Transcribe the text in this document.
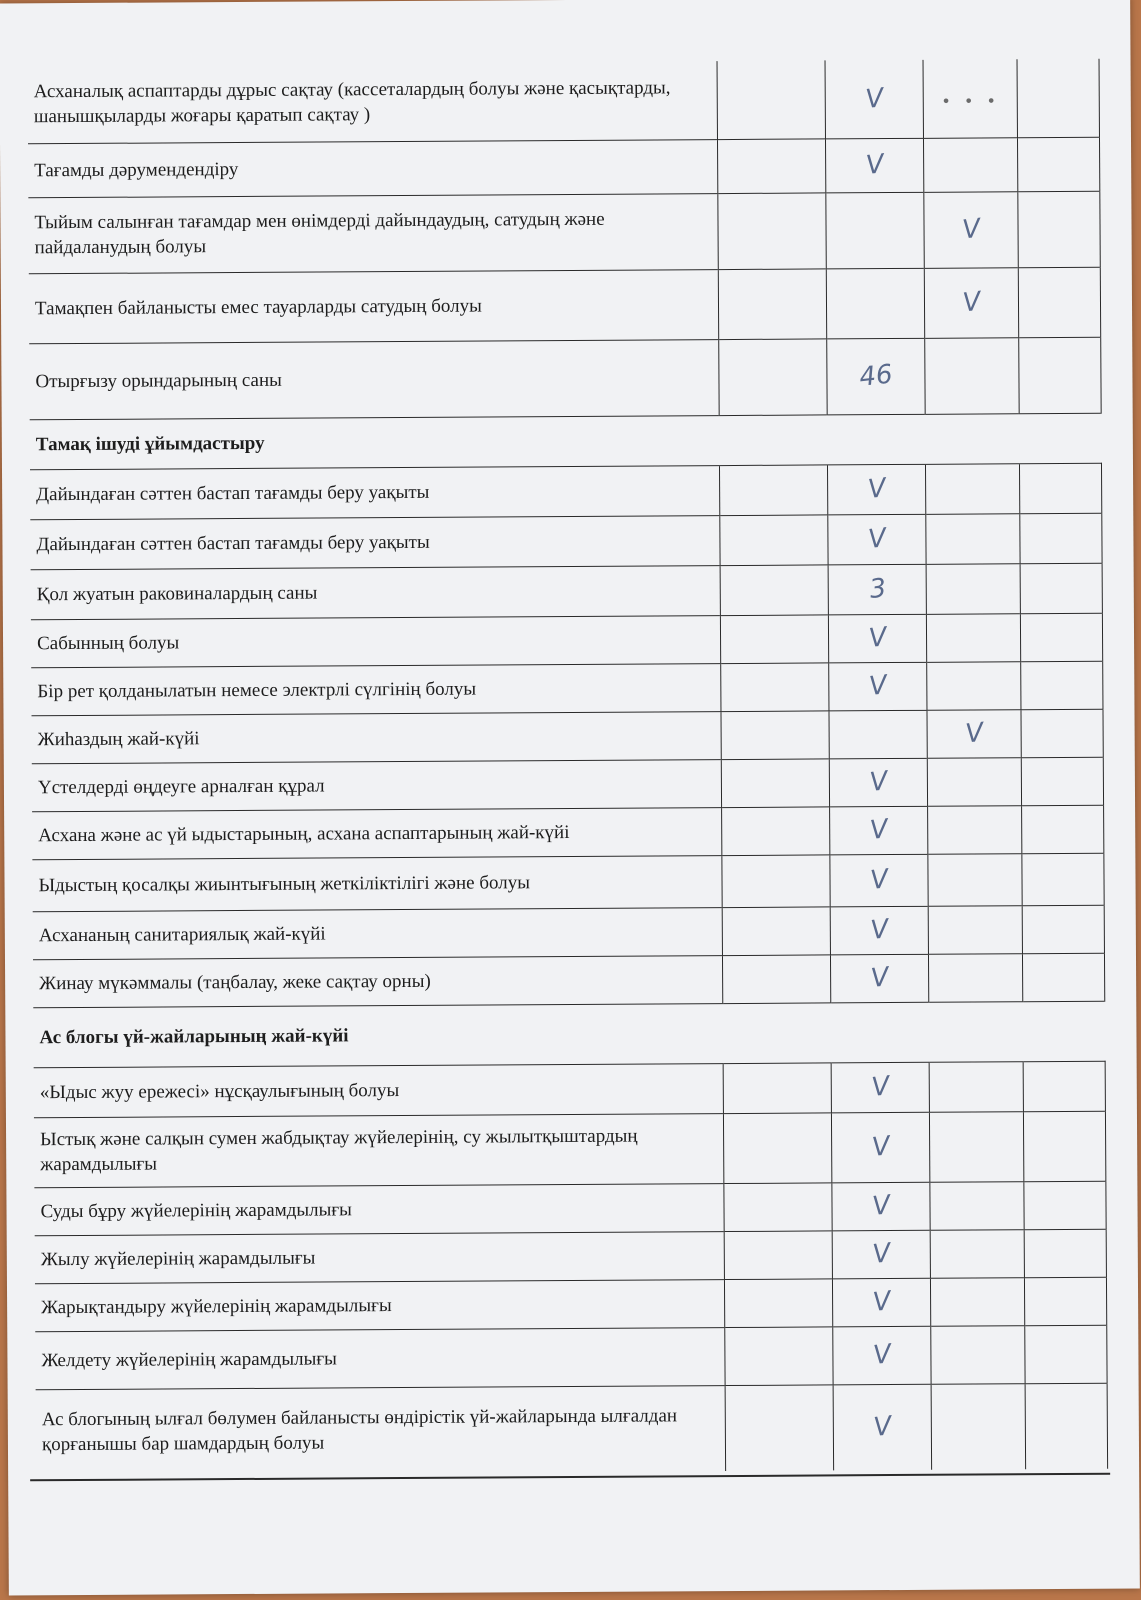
Асханалық аспаптарды дұрыс сақтау (кассеталардың болуы және қасықтарды, шанышқыларды жоғары қаратып сақтау )		V	• • •	
Тағамды дәрумендендіру		V		
Тыйым салынған тағамдар мен өнімдерді дайындаудың, сатудың және пайдаланудың болуы			V	
Тамақпен байланысты емес тауарларды сатудың болуы			V	
Отырғызу орындарының саны		46		
Тамақ ішуді ұйымдастыру				
Дайындаған сәттен бастап тағамды беру уақыты		V		
Дайындаған сәттен бастап тағамды беру уақыты		V		
Қол жуатын раковиналардың саны		3		
Сабынның болуы		V		
Бір рет қолданылатын немесе электрлі сүлгінің болуы		V		
Жиһаздың жай-күйі			V	
Үстелдерді өңдеуге арналған құрал		V		
Асхана және ас үй ыдыстарының, асхана аспаптарының жай-күйі		V		
Ыдыстың қосалқы жиынтығының жеткіліктілігі және болуы		V		
Асхананың санитариялық жай-күйі		V		
Жинау мүкәммалы (таңбалау, жеке сақтау орны)		V		
Ас блогы үй-жайларының жай-күйі				
«Ыдыс жуу ережесі» нұсқаулығының болуы		V		
Ыстық және салқын сумен жабдықтау жүйелерінің, су жылытқыштардың жарамдылығы		V		
Суды бұру жүйелерінің жарамдылығы		V		
Жылу жүйелерінің жарамдылығы		V		
Жарықтандыру жүйелерінің жарамдылығы		V		
Желдету жүйелерінің жарамдылығы		V		
Ас блогының ылғал бөлумен байланысты өндірістік үй-жайларында ылғалдан қорғанышы бар шамдардың болуы		V		
